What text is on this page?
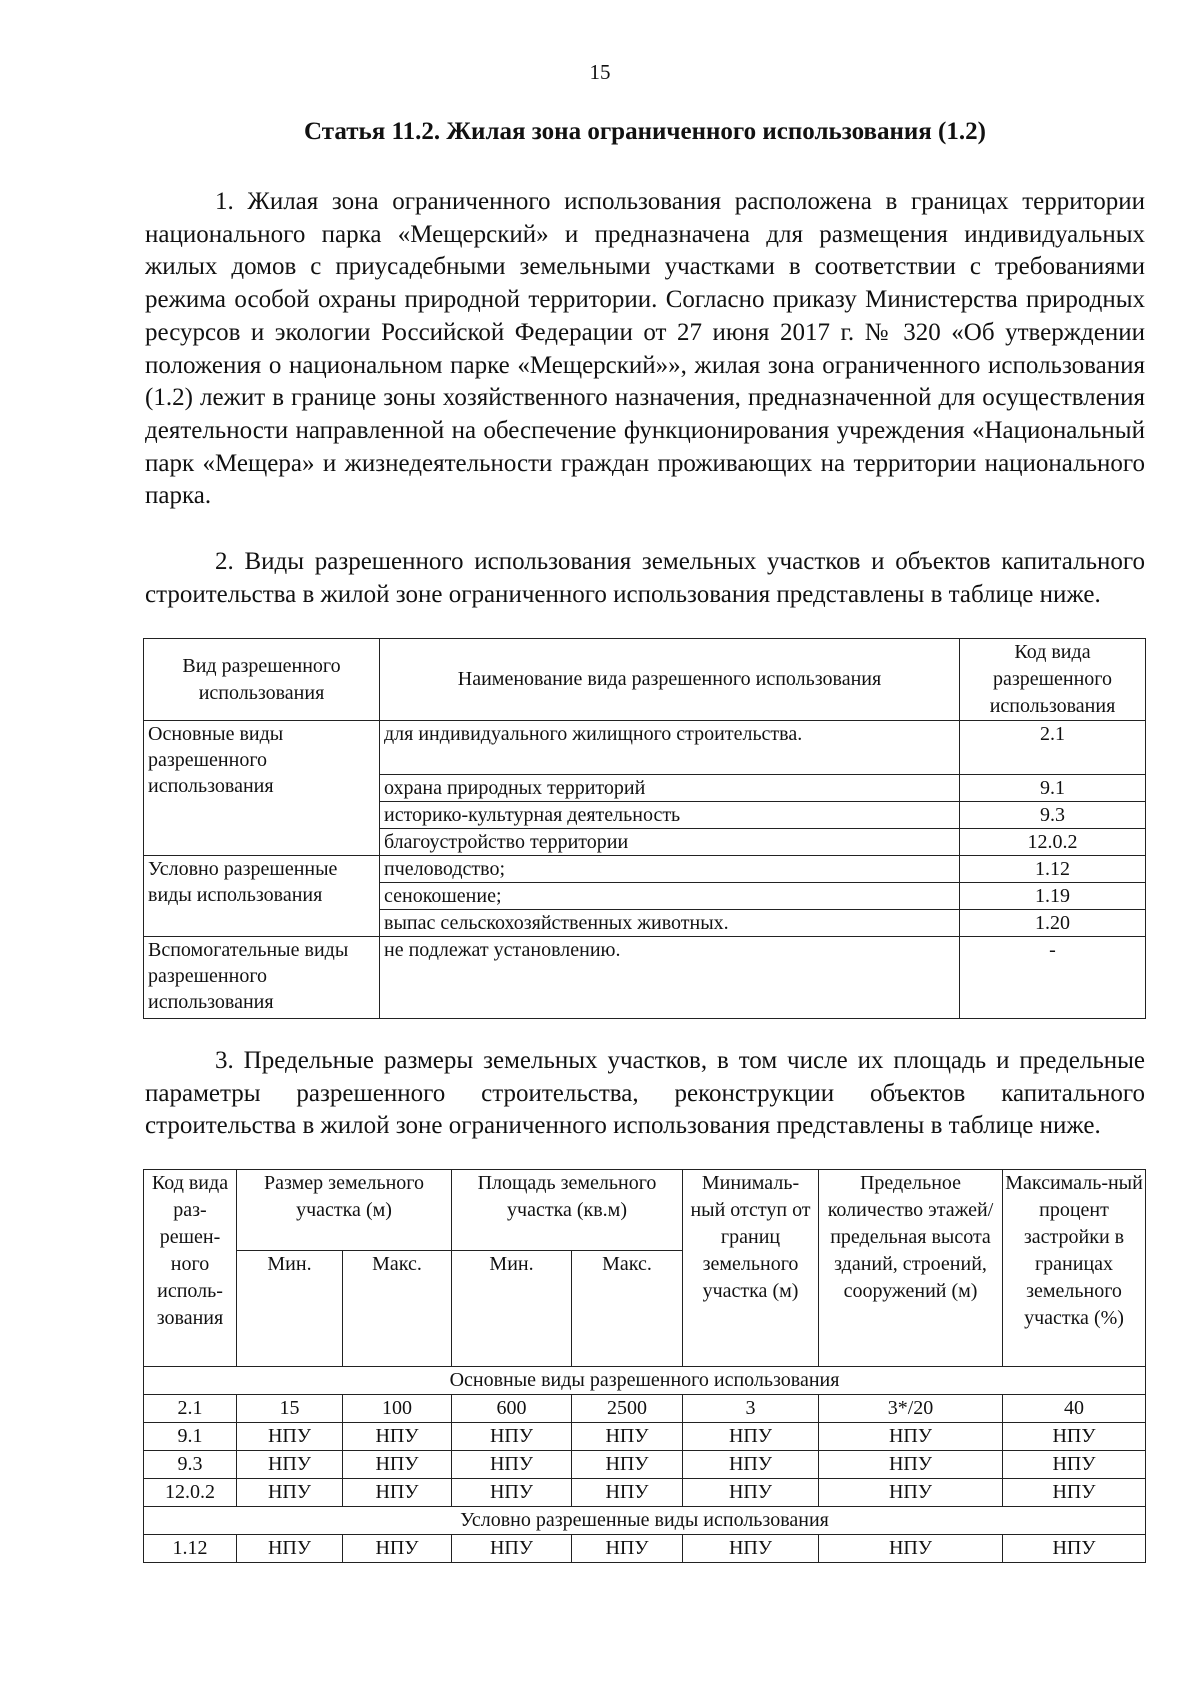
15
Статья 11.2. Жилая зона ограниченного использования (1.2)

1. Жилая зона ограниченного использования расположена в границах территории национального парка «Мещерский» и предназначена для размещения индивидуальных жилых домов с приусадебными земельными участками в соответствии с требованиями режима особой охраны природной территории. Согласно приказу Министерства природных ресурсов и экологии Российской Федерации от 27 июня 2017 г. № 320 «Об утверждении положения о национальном парке «Мещерский»», жилая зона ограниченного использования (1.2) лежит в границе зоны хозяйственного назначения, предназначенной для осуществления деятельности направленной на обеспечение функционирования учреждения «Национальный парк «Мещера» и жизнедеятельности граждан проживающих на территории национального парка.

2. Виды разрешенного использования земельных участков и объектов капитального строительства в жилой зоне ограниченного использования представлены в таблице ниже.

Вид разрешенного использования	Наименование вида разрешенного использования	Код вида разрешенного использования
Основные виды разрешенного использования	для индивидуального жилищного строительства.	2.1
	охрана природных территорий	9.1
	историко-культурная деятельность	9.3
	благоустройство территории	12.0.2
Условно разрешенные виды использования	пчеловодство;	1.12
	сенокошение;	1.19
	выпас сельскохозяйственных животных.	1.20
Вспомогательные виды разрешенного использования	не подлежат установлению.	-

3. Предельные размеры земельных участков, в том числе их площадь и предельные параметры разрешенного строительства, реконструкции объектов капитального строительства в жилой зоне ограниченного использования представлены в таблице ниже.

Код вида раз-решен-ного исполь-зования	Размер земельного участка (м)		Площадь земельного участка (кв.м)		Минималь-ный отступ от границ земельного участка (м)	Предельное количество этажей/ предельная высота зданий, строений, сооружений (м)	Максималь-ный процент застройки в границах земельного участка (%)
	Мин.	Макс.	Мин.	Макс.			
Основные виды разрешенного использования							
2.1	15	100	600	2500	3	3*/20	40
9.1	НПУ	НПУ	НПУ	НПУ	НПУ	НПУ	НПУ
9.3	НПУ	НПУ	НПУ	НПУ	НПУ	НПУ	НПУ
12.0.2	НПУ	НПУ	НПУ	НПУ	НПУ	НПУ	НПУ
Условно разрешенные виды использования							
1.12	НПУ	НПУ	НПУ	НПУ	НПУ	НПУ	НПУ
